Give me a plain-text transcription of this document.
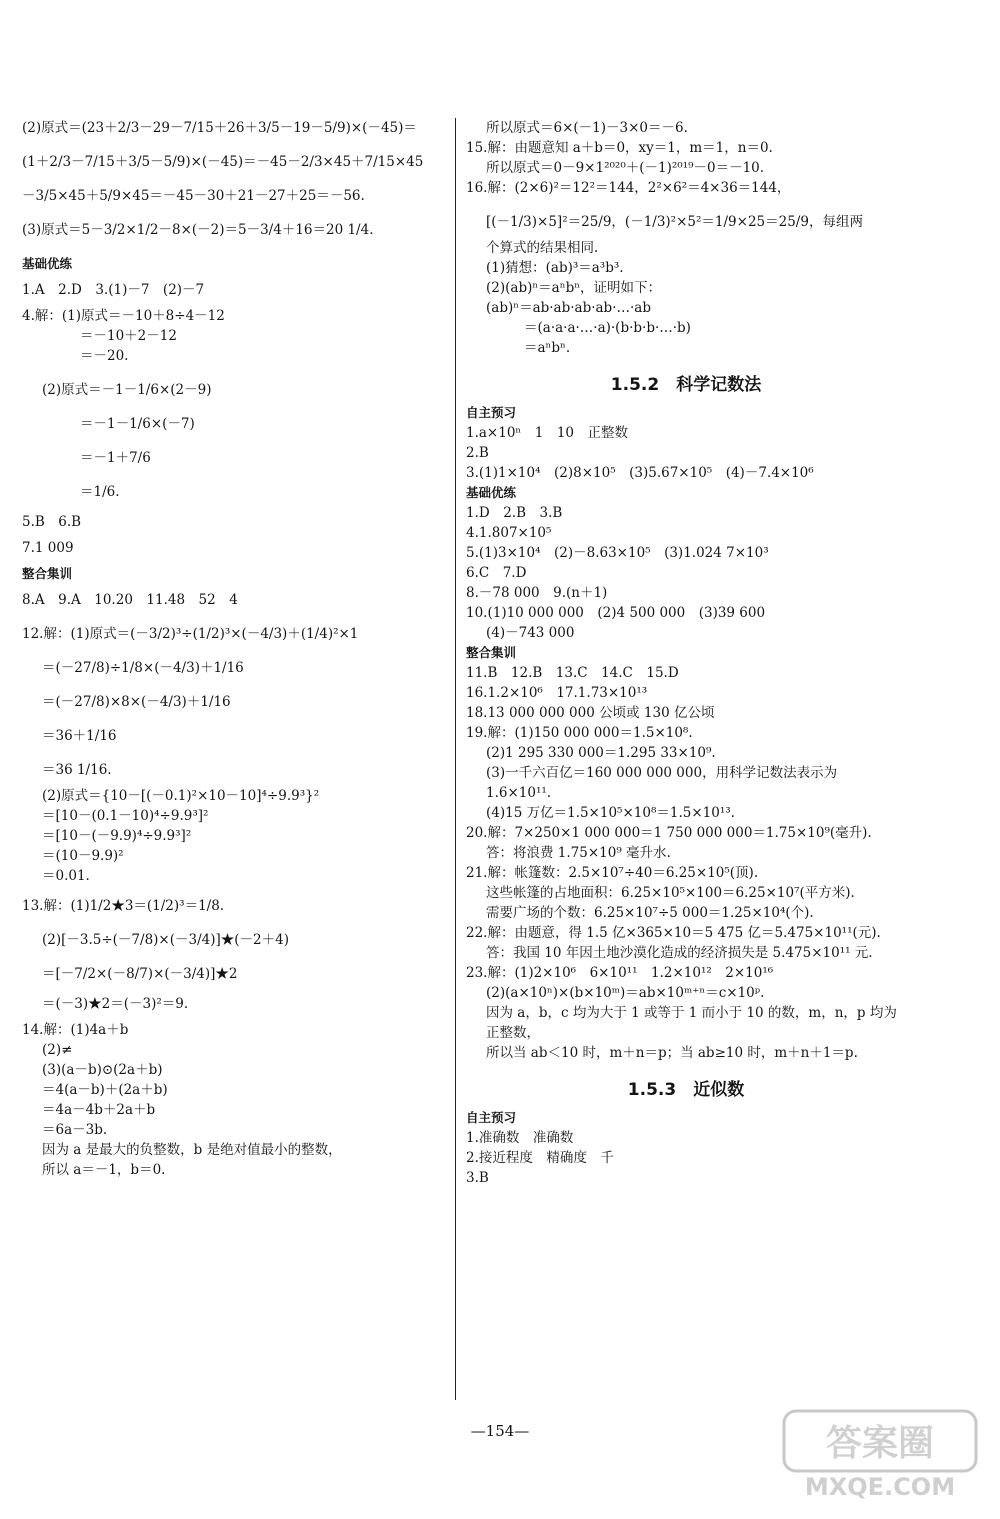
(2)原式＝(23＋2/3－29－7/15＋26＋3/5－19－5/9)×(－45)＝

(1＋2/3－7/15＋3/5－5/9)×(－45)＝－45－2/3×45＋7/15×45

－3/5×45＋5/9×45＝－45－30＋21－27＋25＝－56.

(3)原式＝5－3/2×1/2－8×(－2)＝5－3/4＋16＝20 1/4.

基础优练

1.A　2.D　3.(1)－7　(2)－7

4.解：(1)原式＝－10＋8÷4－12

＝－10＋2－12

＝－20.

(2)原式＝－1－1/6×(2－9)

＝－1－1/6×(－7)

＝－1＋7/6

＝1/6.

5.B　6.B

7.1 009

整合集训

8.A　9.A　10.20　11.48　52　4

12.解：(1)原式＝(－3/2)³÷(1/2)³×(－4/3)＋(1/4)²×1

＝(－27/8)÷1/8×(－4/3)＋1/16

＝(－27/8)×8×(－4/3)＋1/16

＝36＋1/16

＝36 1/16.

(2)原式＝{10－[(－0.1)²×10－10]⁴÷9.9³}²

＝[10－(0.1－10)⁴÷9.9³]²

＝[10－(－9.9)⁴÷9.9³]²

＝(10－9.9)²

＝0.01.

13.解：(1)1/2★3＝(1/2)³＝1/8.

(2)[－3.5÷(－7/8)×(－3/4)]★(－2＋4)

＝[－7/2×(－8/7)×(－3/4)]★2

＝(－3)★2＝(－3)²＝9.

14.解：(1)4a＋b

(2)≠

(3)(a－b)⊙(2a＋b)

＝4(a－b)＋(2a＋b)

＝4a－4b＋2a＋b

＝6a－3b.

因为 a 是最大的负整数，b 是绝对值最小的整数，

所以 a＝－1，b＝0.

所以原式＝6×(－1)－3×0＝－6.

15.解：由题意知 a＋b＝0，xy＝1，m＝1，n＝0.

所以原式＝0－9×1²⁰²⁰＋(－1)²⁰¹⁹－0＝－10.

16.解：(2×6)²＝12²＝144，2²×6²＝4×36＝144，

[(－1/3)×5]²＝25/9，(－1/3)²×5²＝1/9×25＝25/9，每组两

个算式的结果相同.

(1)猜想：(ab)³＝a³b³.

(2)(ab)ⁿ＝aⁿbⁿ，证明如下：

(ab)ⁿ＝ab·ab·ab·ab·…·ab

＝(a·a·a·…·a)·(b·b·b·…·b)

＝aⁿbⁿ.

1.5.2　科学记数法

自主预习

1.a×10ⁿ　1　10　正整数

2.B

3.(1)1×10⁴　(2)8×10⁵　(3)5.67×10⁵　(4)－7.4×10⁶

基础优练

1.D　2.B　3.B

4.1.807×10⁵

5.(1)3×10⁴　(2)－8.63×10⁵　(3)1.024 7×10³

6.C　7.D

8.－78 000　9.(n＋1)

10.(1)10 000 000　(2)4 500 000　(3)39 600

(4)－743 000

整合集训

11.B　12.B　13.C　14.C　15.D

16.1.2×10⁶　17.1.73×10¹³

18.13 000 000 000 公顷或 130 亿公顷

19.解：(1)150 000 000＝1.5×10⁸.

(2)1 295 330 000＝1.295 33×10⁹.

(3)一千六百亿＝160 000 000 000，用科学记数法表示为

1.6×10¹¹.

(4)15 万亿＝1.5×10⁵×10⁸＝1.5×10¹³.

20.解：7×250×1 000 000＝1 750 000 000＝1.75×10⁹(毫升).

答：将浪费 1.75×10⁹ 毫升水.

21.解：帐篷数：2.5×10⁷÷40＝6.25×10⁵(顶).

这些帐篷的占地面积：6.25×10⁵×100＝6.25×10⁷(平方米).

需要广场的个数：6.25×10⁷÷5 000＝1.25×10⁴(个).

22.解：由题意，得 1.5 亿×365×10＝5 475 亿＝5.475×10¹¹(元).

答：我国 10 年因土地沙漠化造成的经济损失是 5.475×10¹¹ 元.

23.解：(1)2×10⁶　6×10¹¹　1.2×10¹²　2×10¹⁶

(2)(a×10ⁿ)×(b×10ᵐ)＝ab×10ᵐ⁺ⁿ＝c×10ᵖ.

因为 a，b，c 均为大于 1 或等于 1 而小于 10 的数，m，n，p 均为

正整数，

所以当 ab＜10 时，m＋n＝p；当 ab≥10 时，m＋n＋1＝p.

1.5.3　近似数

自主预习

1.准确数　准确数

2.接近程度　精确度　千

3.B

—154—	答案圈
MXQE.COM
